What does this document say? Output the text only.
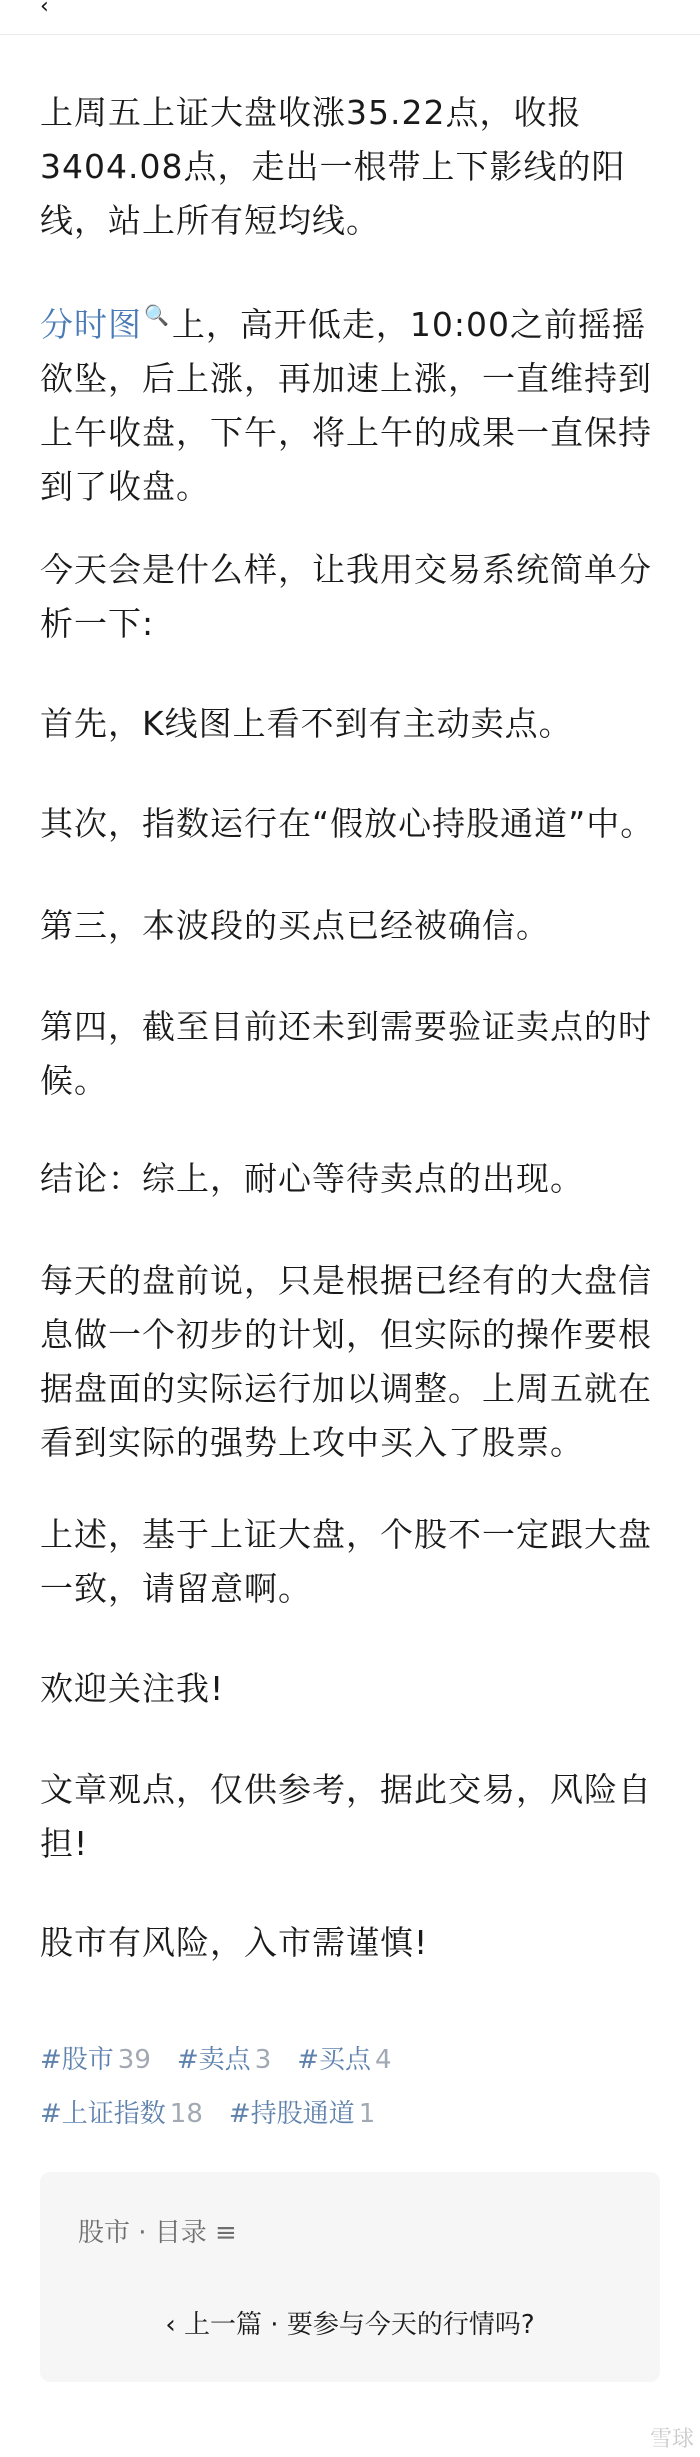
‹

上周五上证大盘收涨35.22点，收报3404.08点，走出一根带上下影线的阳线，站上所有短均线。

分时图 🔍上，高开低走，10:00之前摇摇欲坠，后上涨，再加速上涨，一直维持到上午收盘，下午，将上午的成果一直保持到了收盘。

今天会是什么样，让我用交易系统简单分析一下:

首先，K线图上看不到有主动卖点。

其次，指数运行在“假放心持股通道”中。

第三，本波段的买点已经被确信。

第四，截至目前还未到需要验证卖点的时候。

结论：综上，耐心等待卖点的出现。

每天的盘前说，只是根据已经有的大盘信息做一个初步的计划，但实际的操作要根据盘面的实际运行加以调整。上周五就在看到实际的强势上攻中买入了股票。

上述，基于上证大盘，个股不一定跟大盘一致，请留意啊。

欢迎关注我!

文章观点，仅供参考，据此交易，风险自担!

股市有风险，入市需谨慎!

#股市 39 #卖点 3 #买点 4
#上证指数 18 #持股通道 1
股市 · 目录 ≡
‹ 上一篇 · 要参与今天的行情吗?
雪球
